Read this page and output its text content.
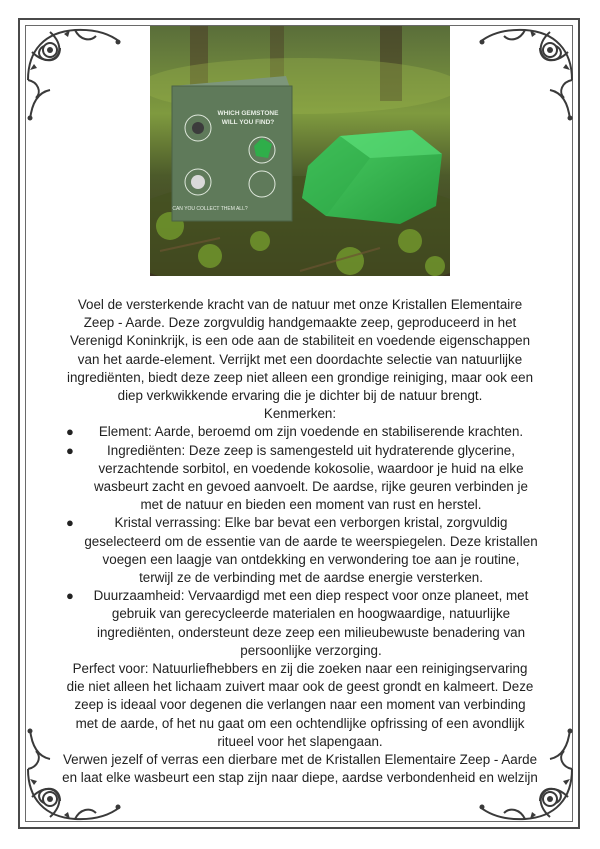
WHICH GEMSTONE
WILL YOU FIND?
CAN YOU COLLECT THEM ALL?

Voel de versterkende kracht van de natuur met onze Kristallen Elementaire Zeep - Aarde. Deze zorgvuldig handgemaakte zeep, geproduceerd in het Verenigd Koninkrijk, is een ode aan de stabiliteit en voedende eigenschappen van het aarde-element. Verrijkt met een doordachte selectie van natuurlijke ingrediënten, biedt deze zeep niet alleen een grondige reiniging, maar ook een diep verkwikkende ervaring die je dichter bij de natuur brengt.

Kenmerken:

● Element: Aarde, beroemd om zijn voedende en stabiliserende krachten.
● Ingrediënten: Deze zeep is samengesteld uit hydraterende glycerine, verzachtende sorbitol, en voedende kokosolie, waardoor je huid na elke wasbeurt zacht en gevoed aanvoelt. De aardse, rijke geuren verbinden je met de natuur en bieden een moment van rust en herstel.
●	Kristal verrassing: Elke bar bevat een verborgen kristal, zorgvuldig geselecteerd om de essentie van de aarde te weerspiegelen. Deze kristallen voegen een laagje van ontdekking en verwondering toe aan je routine, terwijl ze de verbinding met de aardse energie versterken.
● Duurzaamheid: Vervaardigd met een diep respect voor onze planeet, met gebruik van gerecycleerde materialen en hoogwaardige, natuurlijke ingrediënten, ondersteunt deze zeep een milieubewuste benadering van persoonlijke verzorging.

Perfect voor: Natuurliefhebbers en zij die zoeken naar een reinigingservaring die niet alleen het lichaam zuivert maar ook de geest grondt en kalmeert. Deze zeep is ideaal voor degenen die verlangen naar een moment van verbinding met de aarde, of het nu gaat om een ochtendlijke opfrissing of een avondlijk ritueel voor het slapengaan.

Verwen jezelf of verras een dierbare met de Kristallen Elementaire Zeep - Aarde en laat elke wasbeurt een stap zijn naar diepe, aardse verbondenheid en welzijn
